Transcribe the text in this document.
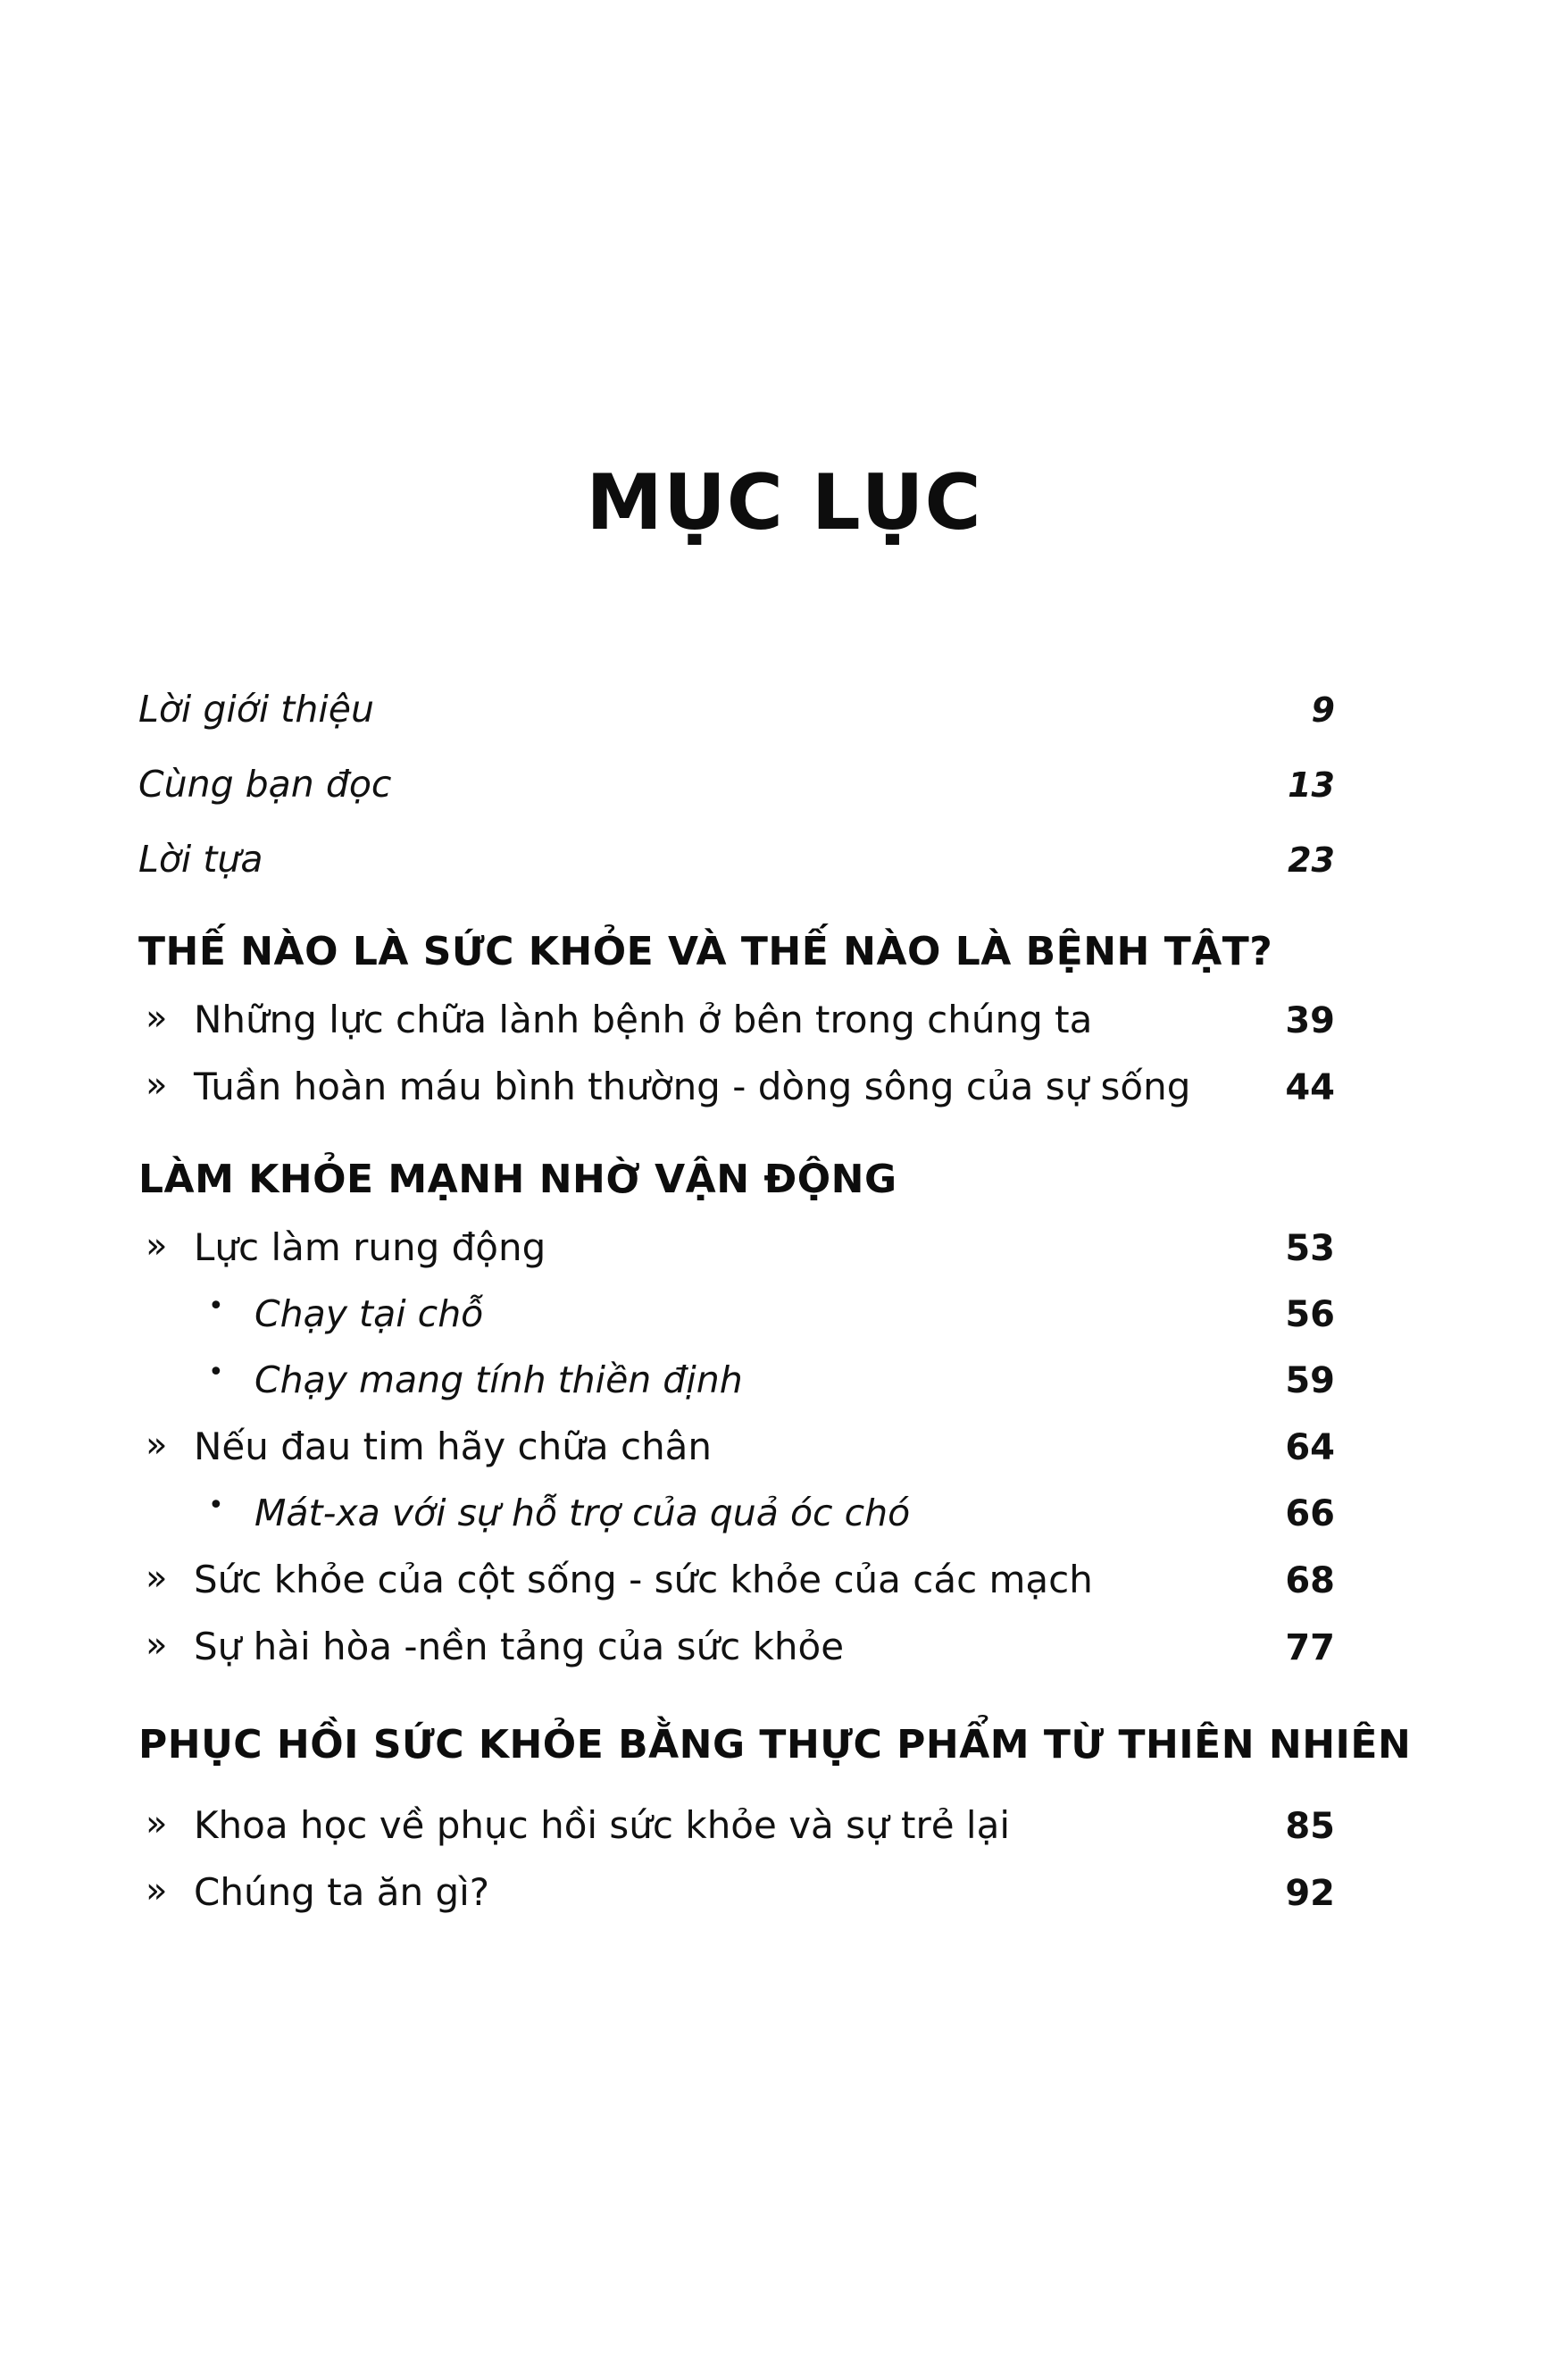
MỤC LỤC
Lời giới thiệu	9
Cùng bạn đọc	13
Lời tựa	23
THẾ NÀO LÀ SỨC KHỎE VÀ THẾ NÀO LÀ BỆNH TẬT?
» Những lực chữa lành bệnh ở bên trong chúng ta	39
» Tuần hoàn máu bình thường - dòng sông của sự sống	44
LÀM KHỎE MẠNH NHỜ VẬN ĐỘNG
» Lực làm rung động	53
• Chạy tại chỗ	56
• Chạy mang tính thiền định	59
» Nếu đau tim hãy chữa chân	64
• Mát-xa với sự hỗ trợ của quả óc chó	66
» Sức khỏe của cột sống - sức khỏe của các mạch	68
» Sự hài hòa -nền tảng của sức khỏe	77
PHỤC HỒI SỨC KHỎE BẰNG THỰC PHẨM TỪ THIÊN NHIÊN
» Khoa học về phục hồi sức khỏe và sự trẻ lại	85
» Chúng ta ăn gì?	92
